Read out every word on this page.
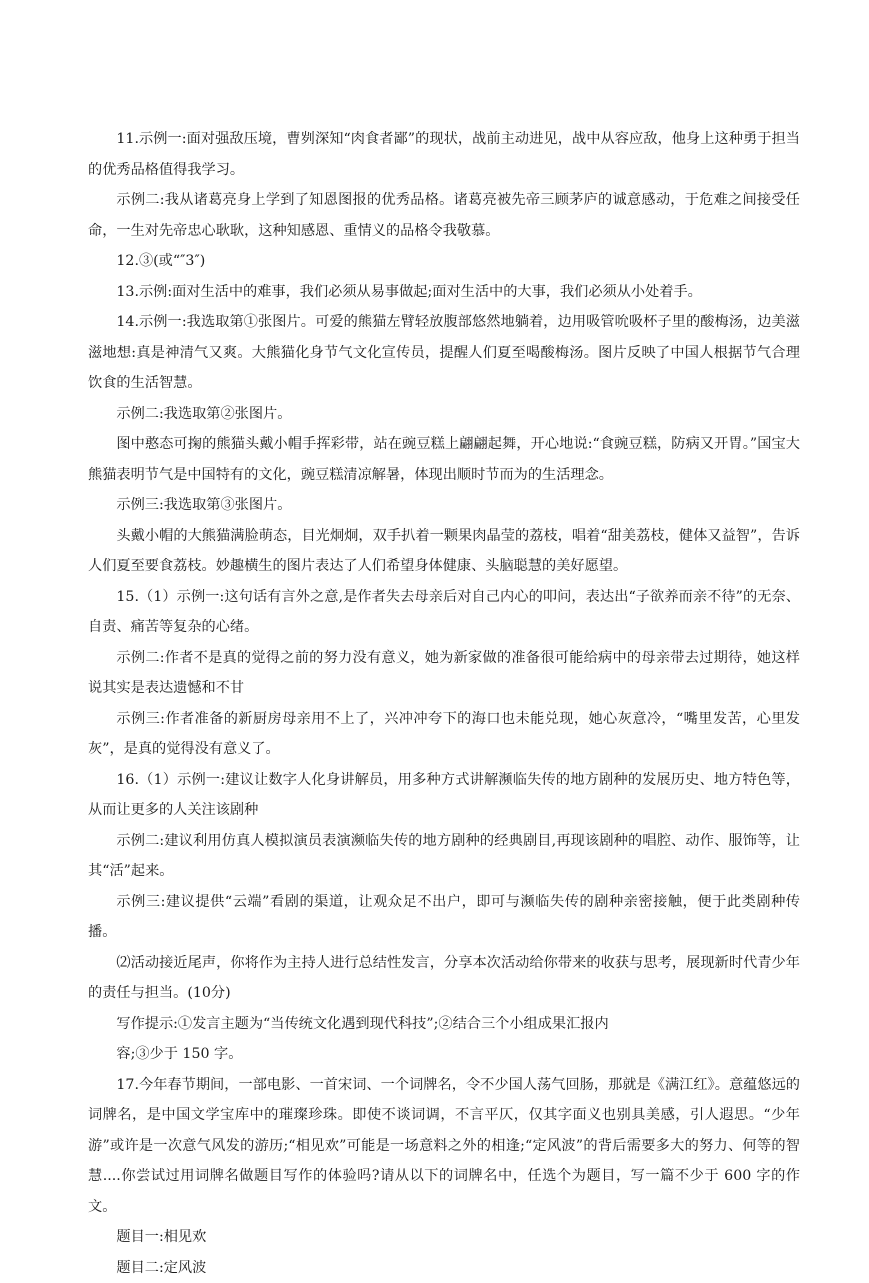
11.示例一:面对强敌压境，曹刿深知“肉食者鄙”的现状，战前主动进见，战中从容应敌，他身上这种勇于担当的优秀品格值得我学习。

示例二:我从诸葛亮身上学到了知恩图报的优秀品格。诸葛亮被先帝三顾茅庐的诚意感动，于危难之间接受任命，一生对先帝忠心耿耿，这种知感恩、重情义的品格令我敬慕。

12.③(或“″3″)

13.示例:面对生活中的难事，我们必须从易事做起;面对生活中的大事，我们必须从小处着手。

14.示例一:我选取第①张图片。可爱的熊猫左臂轻放腹部悠然地躺着，边用吸管吮吸杯子里的酸梅汤，边美滋滋地想:真是神清气又爽。大熊猫化身节气文化宣传员，提醒人们夏至喝酸梅汤。图片反映了中国人根据节气合理饮食的生活智慧。

示例二:我选取第②张图片。

图中憨态可掬的熊猫头戴小帽手挥彩带，站在豌豆糕上翩翩起舞，开心地说:“食豌豆糕，防病又开胃。”国宝大熊猫表明节气是中国特有的文化，豌豆糕清凉解暑，体现出顺时节而为的生活理念。

示例三:我选取第③张图片。

头戴小帽的大熊猫满脸萌态，目光炯炯，双手扒着一颗果肉晶莹的荔枝，唱着“甜美荔枝，健体又益智”，告诉人们夏至要食荔枝。妙趣横生的图片表达了人们希望身体健康、头脑聪慧的美好愿望。

15.（1）示例一:这句话有言外之意,是作者失去母亲后对自己内心的叩问，表达出“子欲养而亲不待”的无奈、自责、痛苦等复杂的心绪。

示例二:作者不是真的觉得之前的努力没有意义，她为新家做的准备很可能给病中的母亲带去过期待，她这样说其实是表达遗憾和不甘

示例三:作者准备的新厨房母亲用不上了，兴冲冲夸下的海口也未能兑现，她心灰意冷，“嘴里发苦，心里发灰”，是真的觉得没有意义了。

16.（1）示例一:建议让数字人化身讲解员，用多种方式讲解濒临失传的地方剧种的发展历史、地方特色等，从而让更多的人关注该剧种

示例二:建议利用仿真人模拟演员表演濒临失传的地方剧种的经典剧目,再现该剧种的唱腔、动作、服饰等，让其“活”起来。

示例三:建议提供“云端”看剧的渠道，让观众足不出户，即可与濒临失传的剧种亲密接触，便于此类剧种传播。

⑵活动接近尾声，你将作为主持人进行总结性发言，分享本次活动给你带来的收获与思考，展现新时代青少年的责任与担当。(10分)

写作提示:①发言主题为“当传统文化遇到现代科技”;②结合三个小组成果汇报内

容;③少于 150 字。

17.今年春节期间，一部电影、一首宋词、一个词牌名，令不少国人荡气回肠，那就是《满江红》。意蕴悠远的词牌名，是中国文学宝库中的璀璨珍珠。即使不谈词调，不言平仄，仅其字面义也别具美感，引人遐思。“少年游”或许是一次意气风发的游历;“相见欢”可能是一场意料之外的相逢;“定风波”的背后需要多大的努力、何等的智慧....你尝试过用词牌名做题目写作的体验吗?请从以下的词牌名中，任选个为题目，写一篇不少于 600 字的作文。

题目一:相见欢

题目二:定风波
